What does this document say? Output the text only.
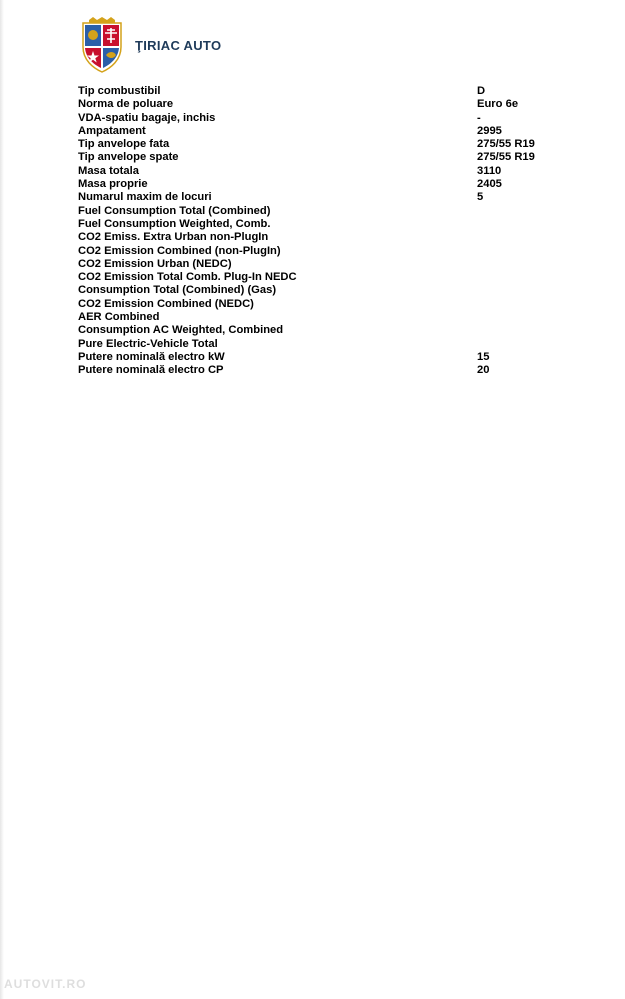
ŢIRIAC AUTO
Tip combustibil	D
Norma de poluare	Euro 6e
VDA-spatiu bagaje, inchis	-
Ampatament	2995
Tip anvelope fata	275/55 R19
Tip anvelope spate	275/55 R19
Masa totala	3110
Masa proprie	2405
Numarul maxim de locuri	5
Fuel Consumption Total (Combined)
Fuel Consumption Weighted, Comb.
CO2 Emiss. Extra Urban non-PlugIn
CO2 Emission Combined (non-PlugIn)
CO2 Emission Urban (NEDC)
CO2 Emission Total Comb. Plug-In NEDC
Consumption Total (Combined) (Gas)
CO2 Emission Combined (NEDC)
AER Combined
Consumption AC Weighted, Combined
Pure Electric-Vehicle Total
Putere nominală electro kW	15
Putere nominală electro CP	20
AUTOVIT.RO
